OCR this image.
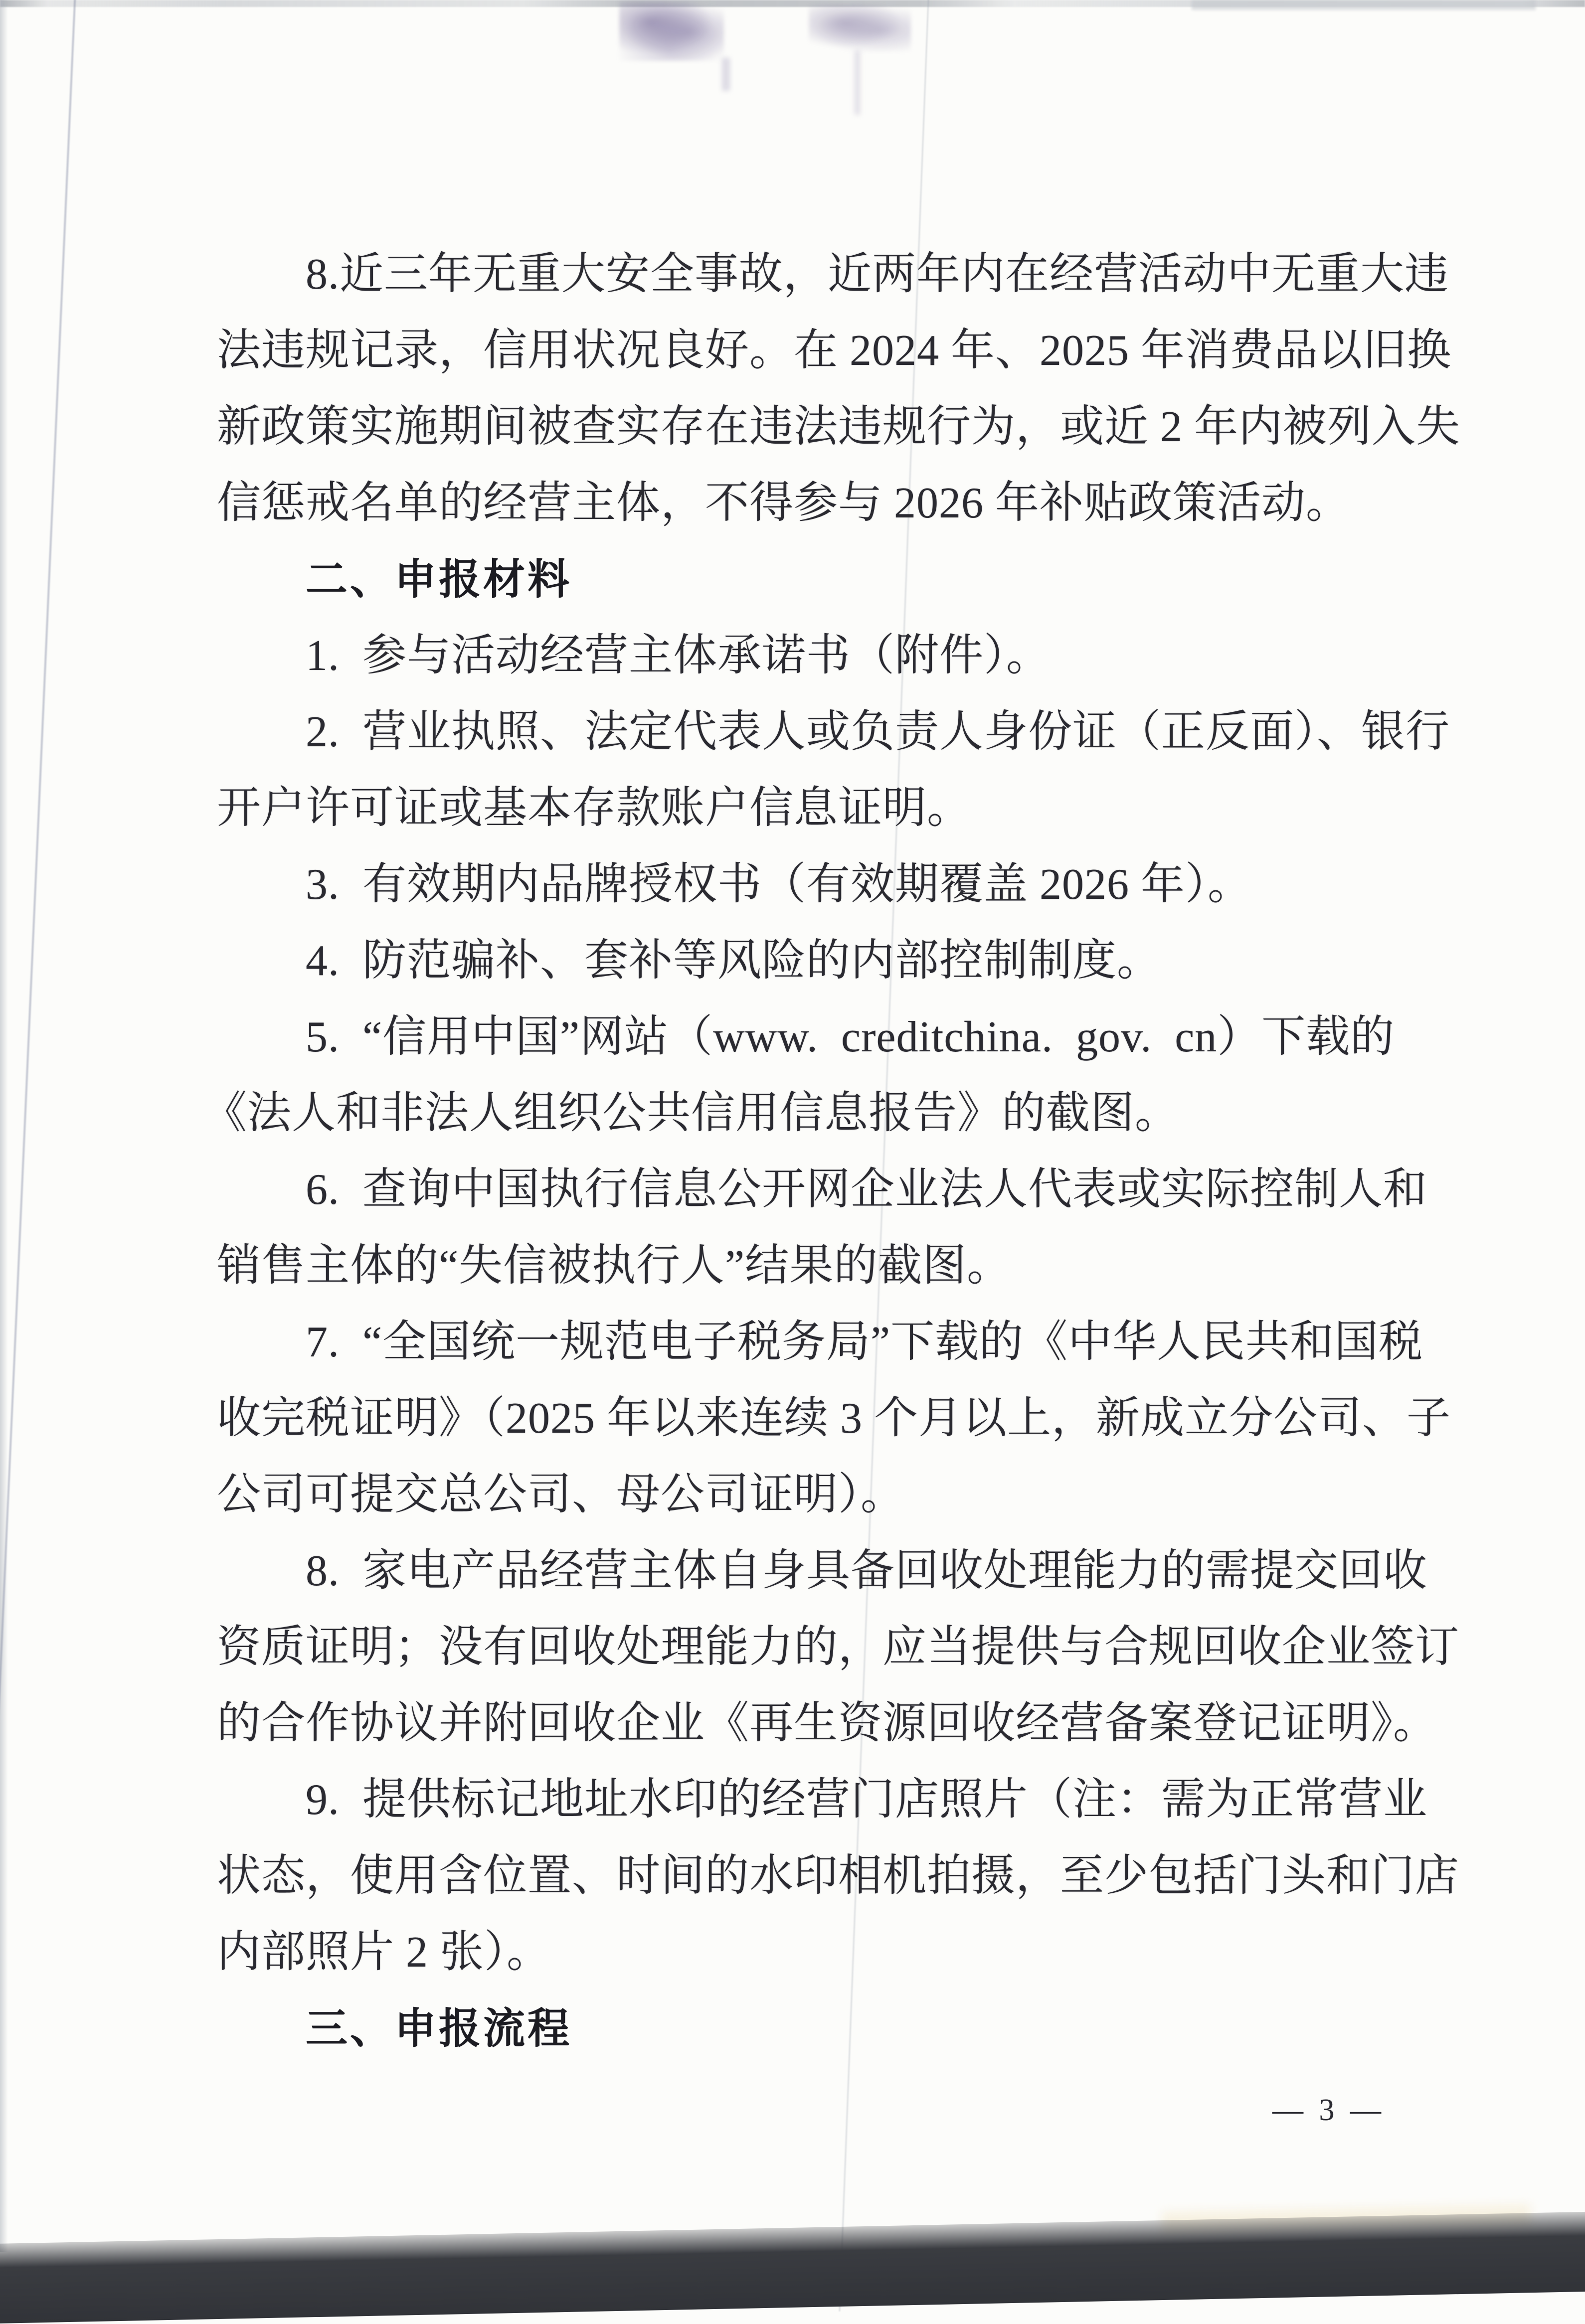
8.近三年无重大安全事故，近两年内在经营活动中无重大违
法违规记录，信用状况良好。在 2024 年、2025 年消费品以旧换
新政策实施期间被查实存在违法违规行为，或近 2 年内被列入失
信惩戒名单的经营主体，不得参与 2026 年补贴政策活动。
二、申报材料
1.  参与活动经营主体承诺书（附件）。
2.  营业执照、法定代表人或负责人身份证（正反面）、银行
开户许可证或基本存款账户信息证明。
3.  有效期内品牌授权书（有效期覆盖 2026 年）。
4.  防范骗补、套补等风险的内部控制制度。
5.  “信用中国”网站（www.  creditchina.  gov.  cn）下载的
《法人和非法人组织公共信用信息报告》的截图。
6.  查询中国执行信息公开网企业法人代表或实际控制人和
销售主体的“失信被执行人”结果的截图。
7.  “全国统一规范电子税务局”下载的《中华人民共和国税
收完税证明》（2025 年以来连续 3 个月以上，新成立分公司、子
公司可提交总公司、母公司证明）。
8.  家电产品经营主体自身具备回收处理能力的需提交回收
资质证明；没有回收处理能力的，应当提供与合规回收企业签订
的合作协议并附回收企业《再生资源回收经营备案登记证明》。
9.  提供标记地址水印的经营门店照片（注：需为正常营业
状态，使用含位置、时间的水印相机拍摄，至少包括门头和门店
内部照片 2 张）。
三、申报流程
— 3 —
